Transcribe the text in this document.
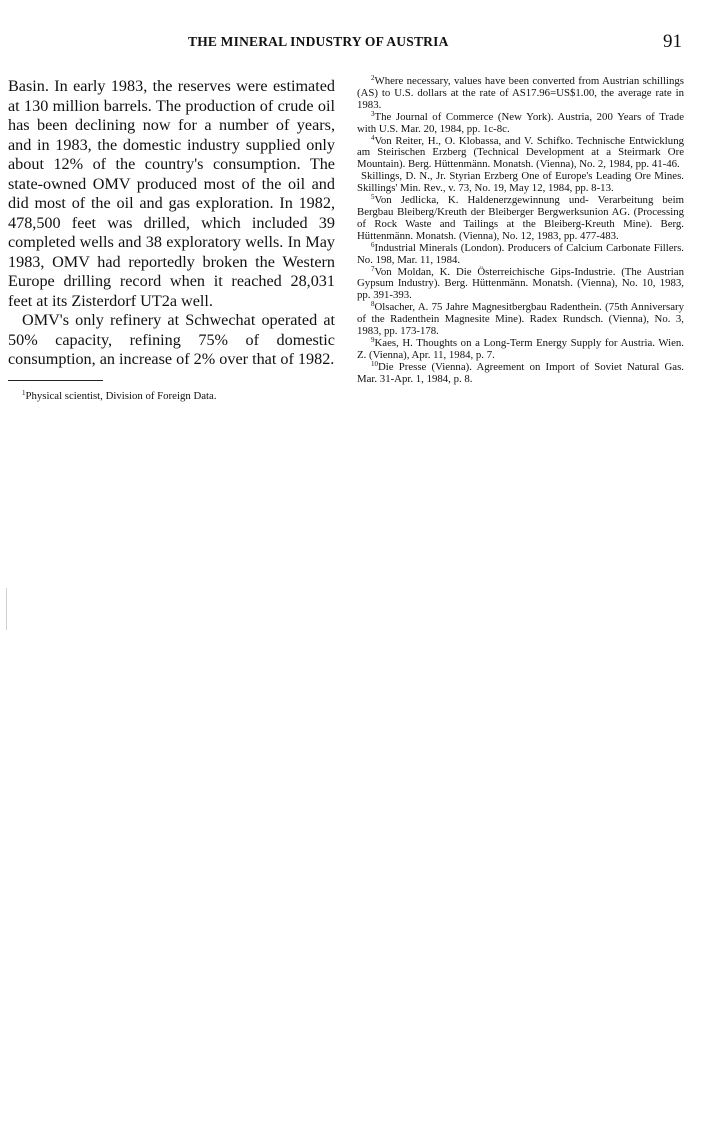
THE MINERAL INDUSTRY OF AUSTRIA	91

Basin. In early 1983, the reserves were estimated at 130 million barrels. The production of crude oil has been declining now for a number of years, and in 1983, the domestic industry supplied only about 12% of the country's consumption. The state-owned OMV produced most of the oil and did most of the oil and gas exploration. In 1982, 478,500 feet was drilled, which included 39 completed wells and 38 exploratory wells. In May 1983, OMV had reportedly broken the Western Europe drilling record when it reached 28,031 feet at its Zisterdorf UT2a well.

OMV's only refinery at Schwechat operated at 50% capacity, refining 75% of domestic consumption, an increase of 2% over that of 1982.

$^1$Physical scientist, Division of Foreign Data.

$^2$Where necessary, values have been converted from Austrian schillings (AS) to U.S. dollars at the rate of AS17.96=US$1.00, the average rate in 1983.

$^3$The Journal of Commerce (New York). Austria, 200 Years of Trade with U.S. Mar. 20, 1984, pp. 1c-8c.

$^4$Von Reiter, H., O. Klobassa, and V. Schifko. Technische Entwicklung am Steirischen Erzberg (Technical Development at a Steirmark Ore Mountain). Berg. Hüttenmänn. Monatsh. (Vienna), No. 2, 1984, pp. 41-46.

Skillings, D. N., Jr. Styrian Erzberg One of Europe's Leading Ore Mines. Skillings' Min. Rev., v. 73, No. 19, May 12, 1984, pp. 8-13.

$^5$Von Jedlicka, K. Haldenerzgewinnung und- Verarbeitung beim Bergbau Bleiberg/Kreuth der Bleiberger Bergwerksunion AG. (Processing of Rock Waste and Tailings at the Bleiberg-Kreuth Mine). Berg. Hüttenmänn. Monatsh. (Vienna), No. 12, 1983, pp. 477-483.

$^6$Industrial Minerals (London). Producers of Calcium Carbonate Fillers. No. 198, Mar. 11, 1984.

$^7$Von Moldan, K. Die Österreichische Gips-Industrie. (The Austrian Gypsum Industry). Berg. Hüttenmänn. Monatsh. (Vienna), No. 10, 1983, pp. 391-393.

$^8$Olsacher, A. 75 Jahre Magnesitbergbau Radenthein. (75th Anniversary of the Radenthein Magnesite Mine). Radex Rundsch. (Vienna), No. 3, 1983, pp. 173-178.

$^9$Kaes, H. Thoughts on a Long-Term Energy Supply for Austria. Wien. Z. (Vienna), Apr. 11, 1984, p. 7.

$^{10}$Die Presse (Vienna). Agreement on Import of Soviet Natural Gas. Mar. 31-Apr. 1, 1984, p. 8.
